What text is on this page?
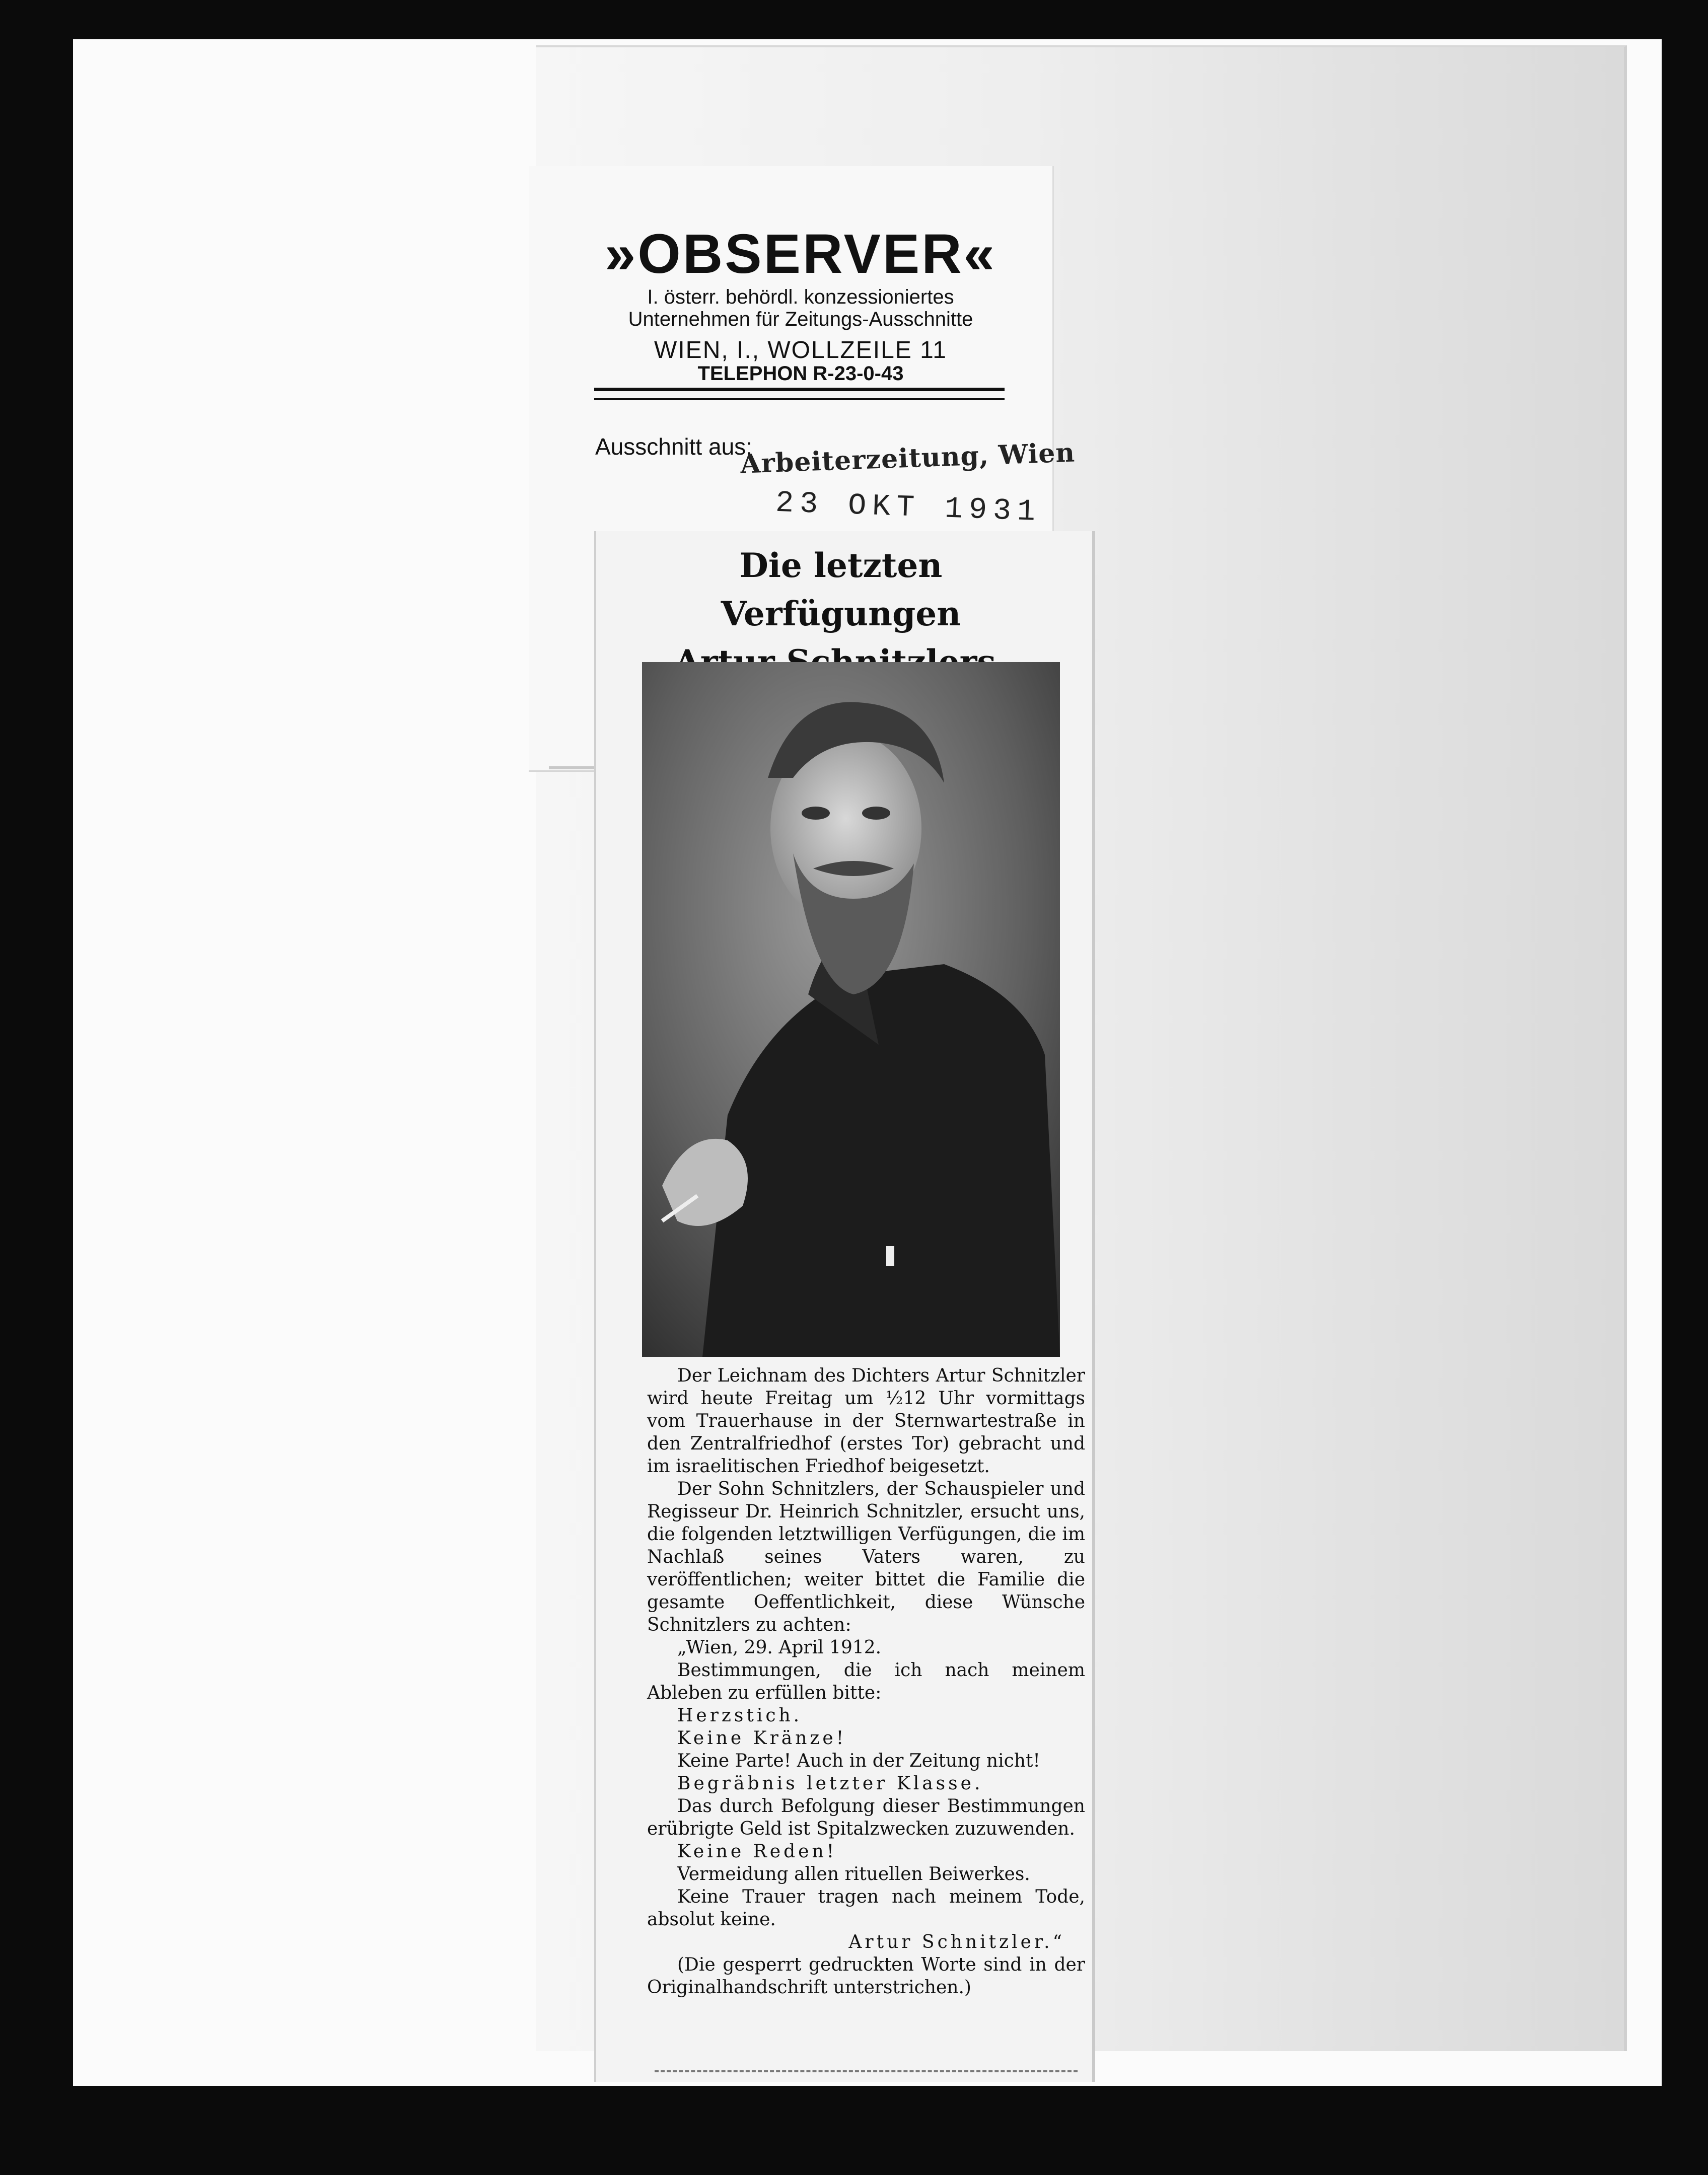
»OBSERVER«
I. österr. behördl. konzessioniertes
Unternehmen für Zeitungs-Ausschnitte
WIEN, I., WOLLZEILE 11
TELEPHON R-23-0-43
Ausschnitt aus:
Arbeiterzeitung, Wien
23 OKT 1931
Die letzten Verfügungen

Der Leichnam des Dichters Artur Schnitzler wird heute Freitag um ½12 Uhr vormittags vom Trauerhause in der Sternwartestraße in den Zentralfriedhof (erstes Tor) gebracht und im israelitischen Friedhof beigesetzt.

Der Sohn Schnitzlers, der Schauspieler und Regisseur Dr. Heinrich Schnitzler, ersucht uns, die folgenden letztwilligen Verfügungen, die im Nachlaß seines Vaters waren, zu veröffentlichen; weiter bittet die Familie die gesamte Oeffentlichkeit, diese Wünsche Schnitzlers zu achten:

„Wien, 29. April 1912.

Bestimmungen, die ich nach meinem Ableben zu erfüllen bitte:

Herzstich.

Keine Kränze!

Keine Parte! Auch in der Zeitung nicht!

Begräbnis letzter Klasse.

Das durch Befolgung dieser Bestimmungen erübrigte Geld ist Spitalzwecken zuzuwenden.

Keine Reden!

Vermeidung allen rituellen Beiwerkes.

Keine Trauer tragen nach meinem Tode, absolut keine.

Artur Schnitzler.“

(Die gesperrt gedruckten Worte sind in der Originalhandschrift unterstrichen.)
